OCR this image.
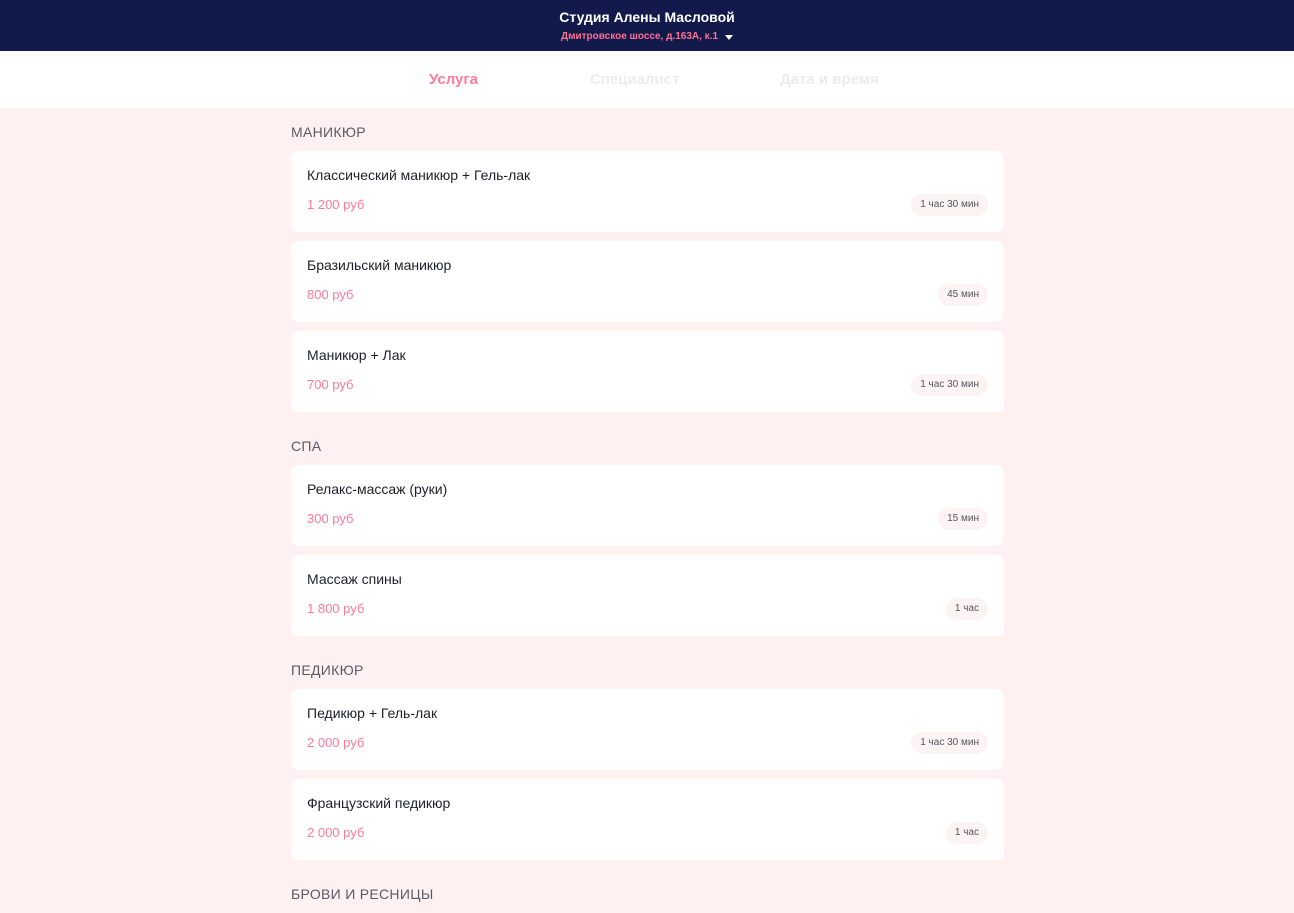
Студия Алены Масловой
Дмитровское шоссе, д.163А, к.1
Услуга	Специалист	Дата и время
МАНИКЮР
Классический маникюр + Гель-лак
1 200 руб	1 час 30 мин
Бразильский маникюр
800 руб	45 мин
Маникюр + Лак
700 руб	1 час 30 мин
СПА
Релакс-массаж (руки)
300 руб	15 мин
Массаж спины
1 800 руб	1 час
ПЕДИКЮР
Педикюр + Гель-лак
2 000 руб	1 час 30 мин
Французский педикюр
2 000 руб	1 час
БРОВИ И РЕСНИЦЫ
